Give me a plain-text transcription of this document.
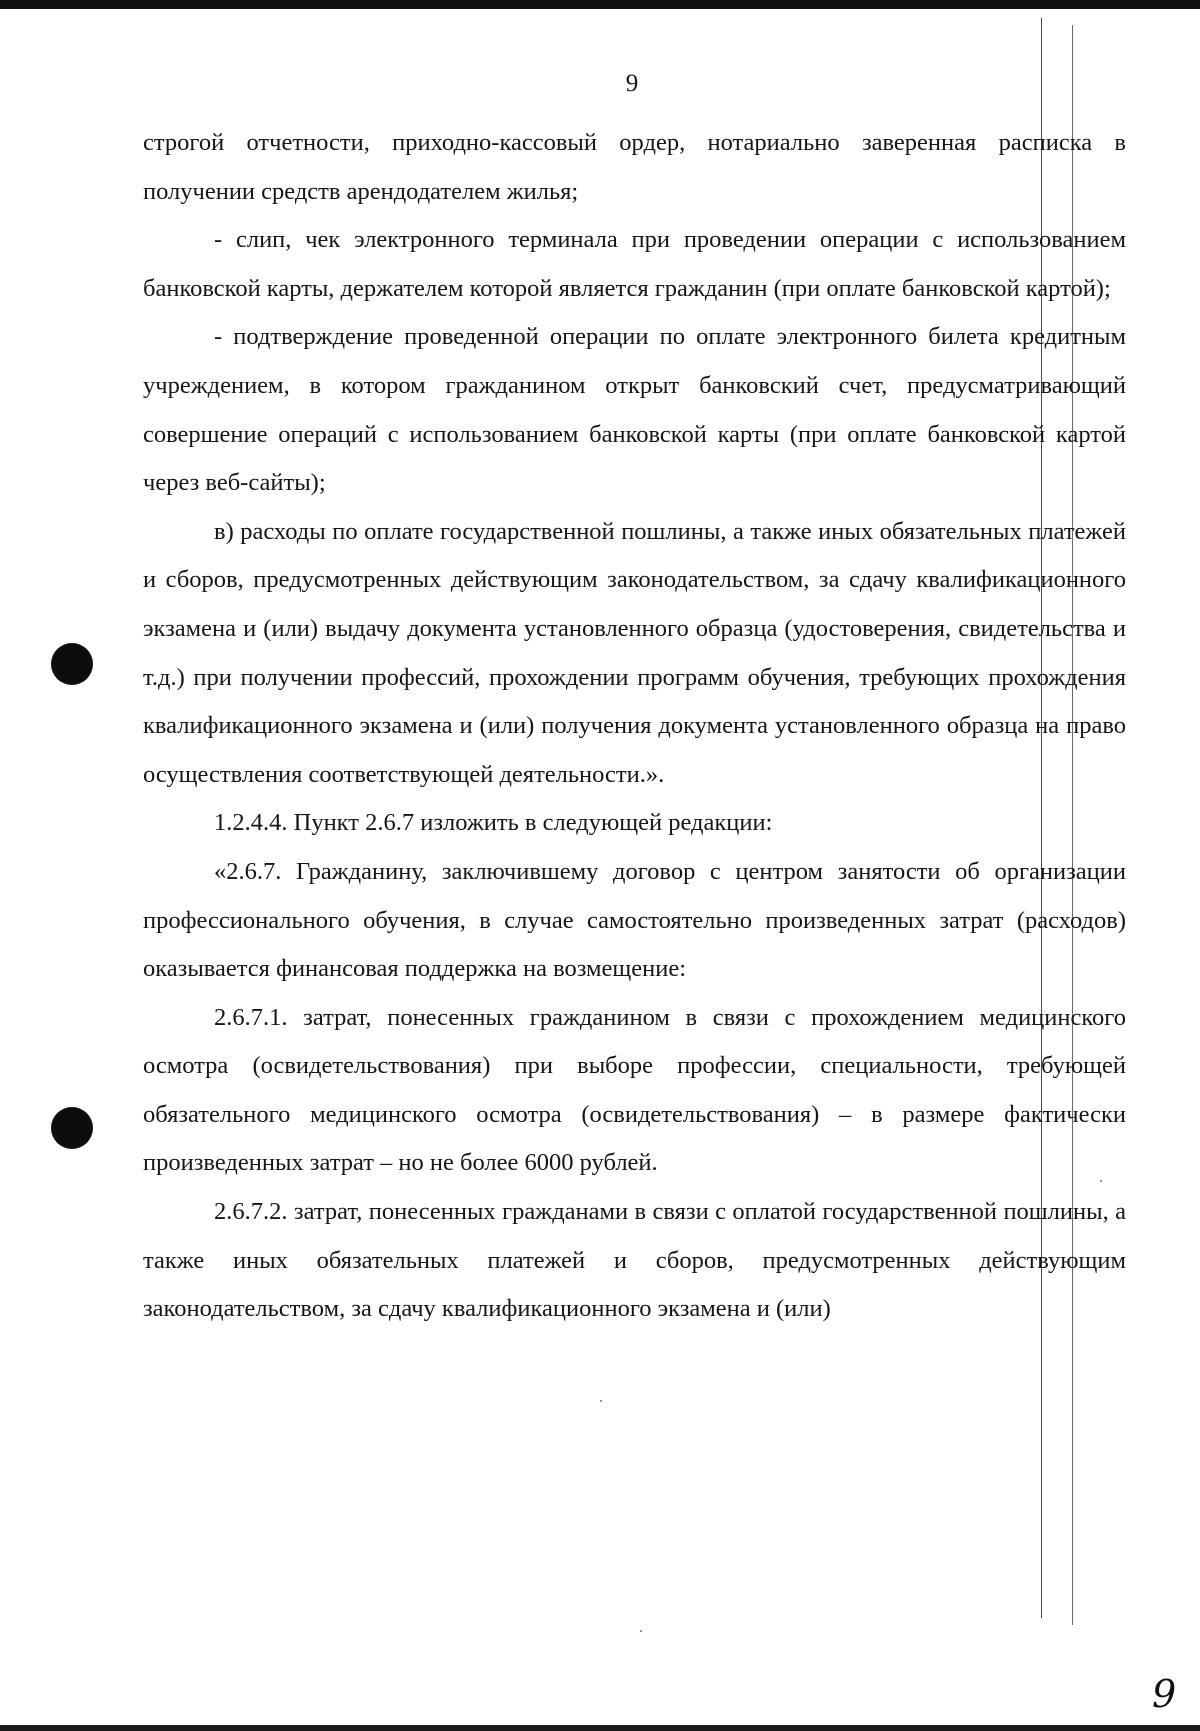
9

строгой отчетности, приходно-кассовый ордер, нотариально заверенная расписка в получении средств арендодателем жилья;

- слип, чек электронного терминала при проведении операции с использованием банковской карты, держателем которой является гражданин (при оплате банковской картой);

- подтверждение проведенной операции по оплате электронного билета кредитным учреждением, в котором гражданином открыт банковский счет, предусматривающий совершение операций с использованием банковской карты (при оплате банковской картой через веб-сайты);

в) расходы по оплате государственной пошлины, а также иных обязательных платежей и сборов, предусмотренных действующим законодательством, за сдачу квалификационного экзамена и (или) выдачу документа установленного образца (удостоверения, свидетельства и т.д.) при получении профессий, прохождении программ обучения, требующих прохождения квалификационного экзамена и (или) получения документа установленного образца на право осуществления соответствующей деятельности.».

1.2.4.4. Пункт 2.6.7 изложить в следующей редакции:

«2.6.7. Гражданину, заключившему договор с центром занятости об организации профессионального обучения, в случае самостоятельно произведенных затрат (расходов) оказывается финансовая поддержка на возмещение:

2.6.7.1. затрат, понесенных гражданином в связи с прохождением медицинского осмотра (освидетельствования) при выборе профессии, специальности, требующей обязательного медицинского осмотра (освидетельствования) – в размере фактически произведенных затрат – но не более 6000 рублей.

2.6.7.2. затрат, понесенных гражданами в связи с оплатой государственной пошлины, а также иных обязательных платежей и сборов, предусмотренных действующим законодательством, за сдачу квалификационного экзамена и (или)

9
